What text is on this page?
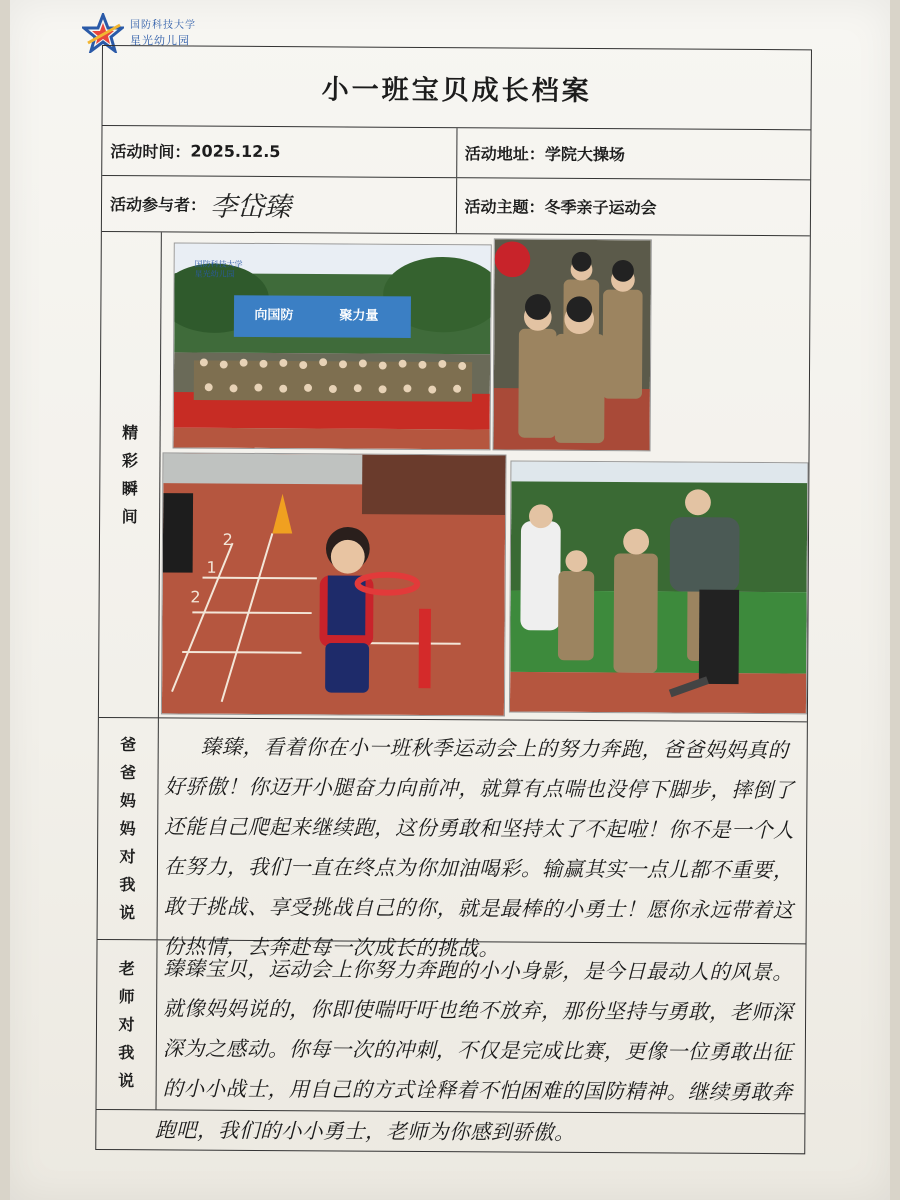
国防科技大学
星光幼儿园
小一班宝贝成长档案
活动时间： 2025.12.5	活动地址： 学院大操场
活动参与者： 李岱臻	活动主题： 冬季亲子运动会
精
彩
瞬
间
向国防	聚力量
国防科技大学
星光幼儿园
2
1
2
爸
爸
妈
妈
对
我
说
臻臻，看着你在小一班秋季运动会上的努力奔跑，爸爸妈妈真的好骄傲！你迈开小腿奋力向前冲，就算有点喘也没停下脚步，摔倒了还能自己爬起来继续跑，这份勇敢和坚持太了不起啦！你不是一个人在努力，我们一直在终点为你加油喝彩。输赢其实一点儿都不重要，敢于挑战、享受挑战自己的你，就是最棒的小勇士！愿你永远带着这份热情，去奔赴每一次成长的挑战。
老
师
对
我
说
臻臻宝贝，运动会上你努力奔跑的小小身影，是今日最动人的风景。就像妈妈说的，你即使喘吁吁也绝不放弃，那份坚持与勇敢，老师深深为之感动。你每一次的冲刺，不仅是完成比赛，更像一位勇敢出征的小小战士，用自己的方式诠释着不怕困难的国防精神。继续勇敢奔
跑吧，我们的小小勇士，老师为你感到骄傲。
